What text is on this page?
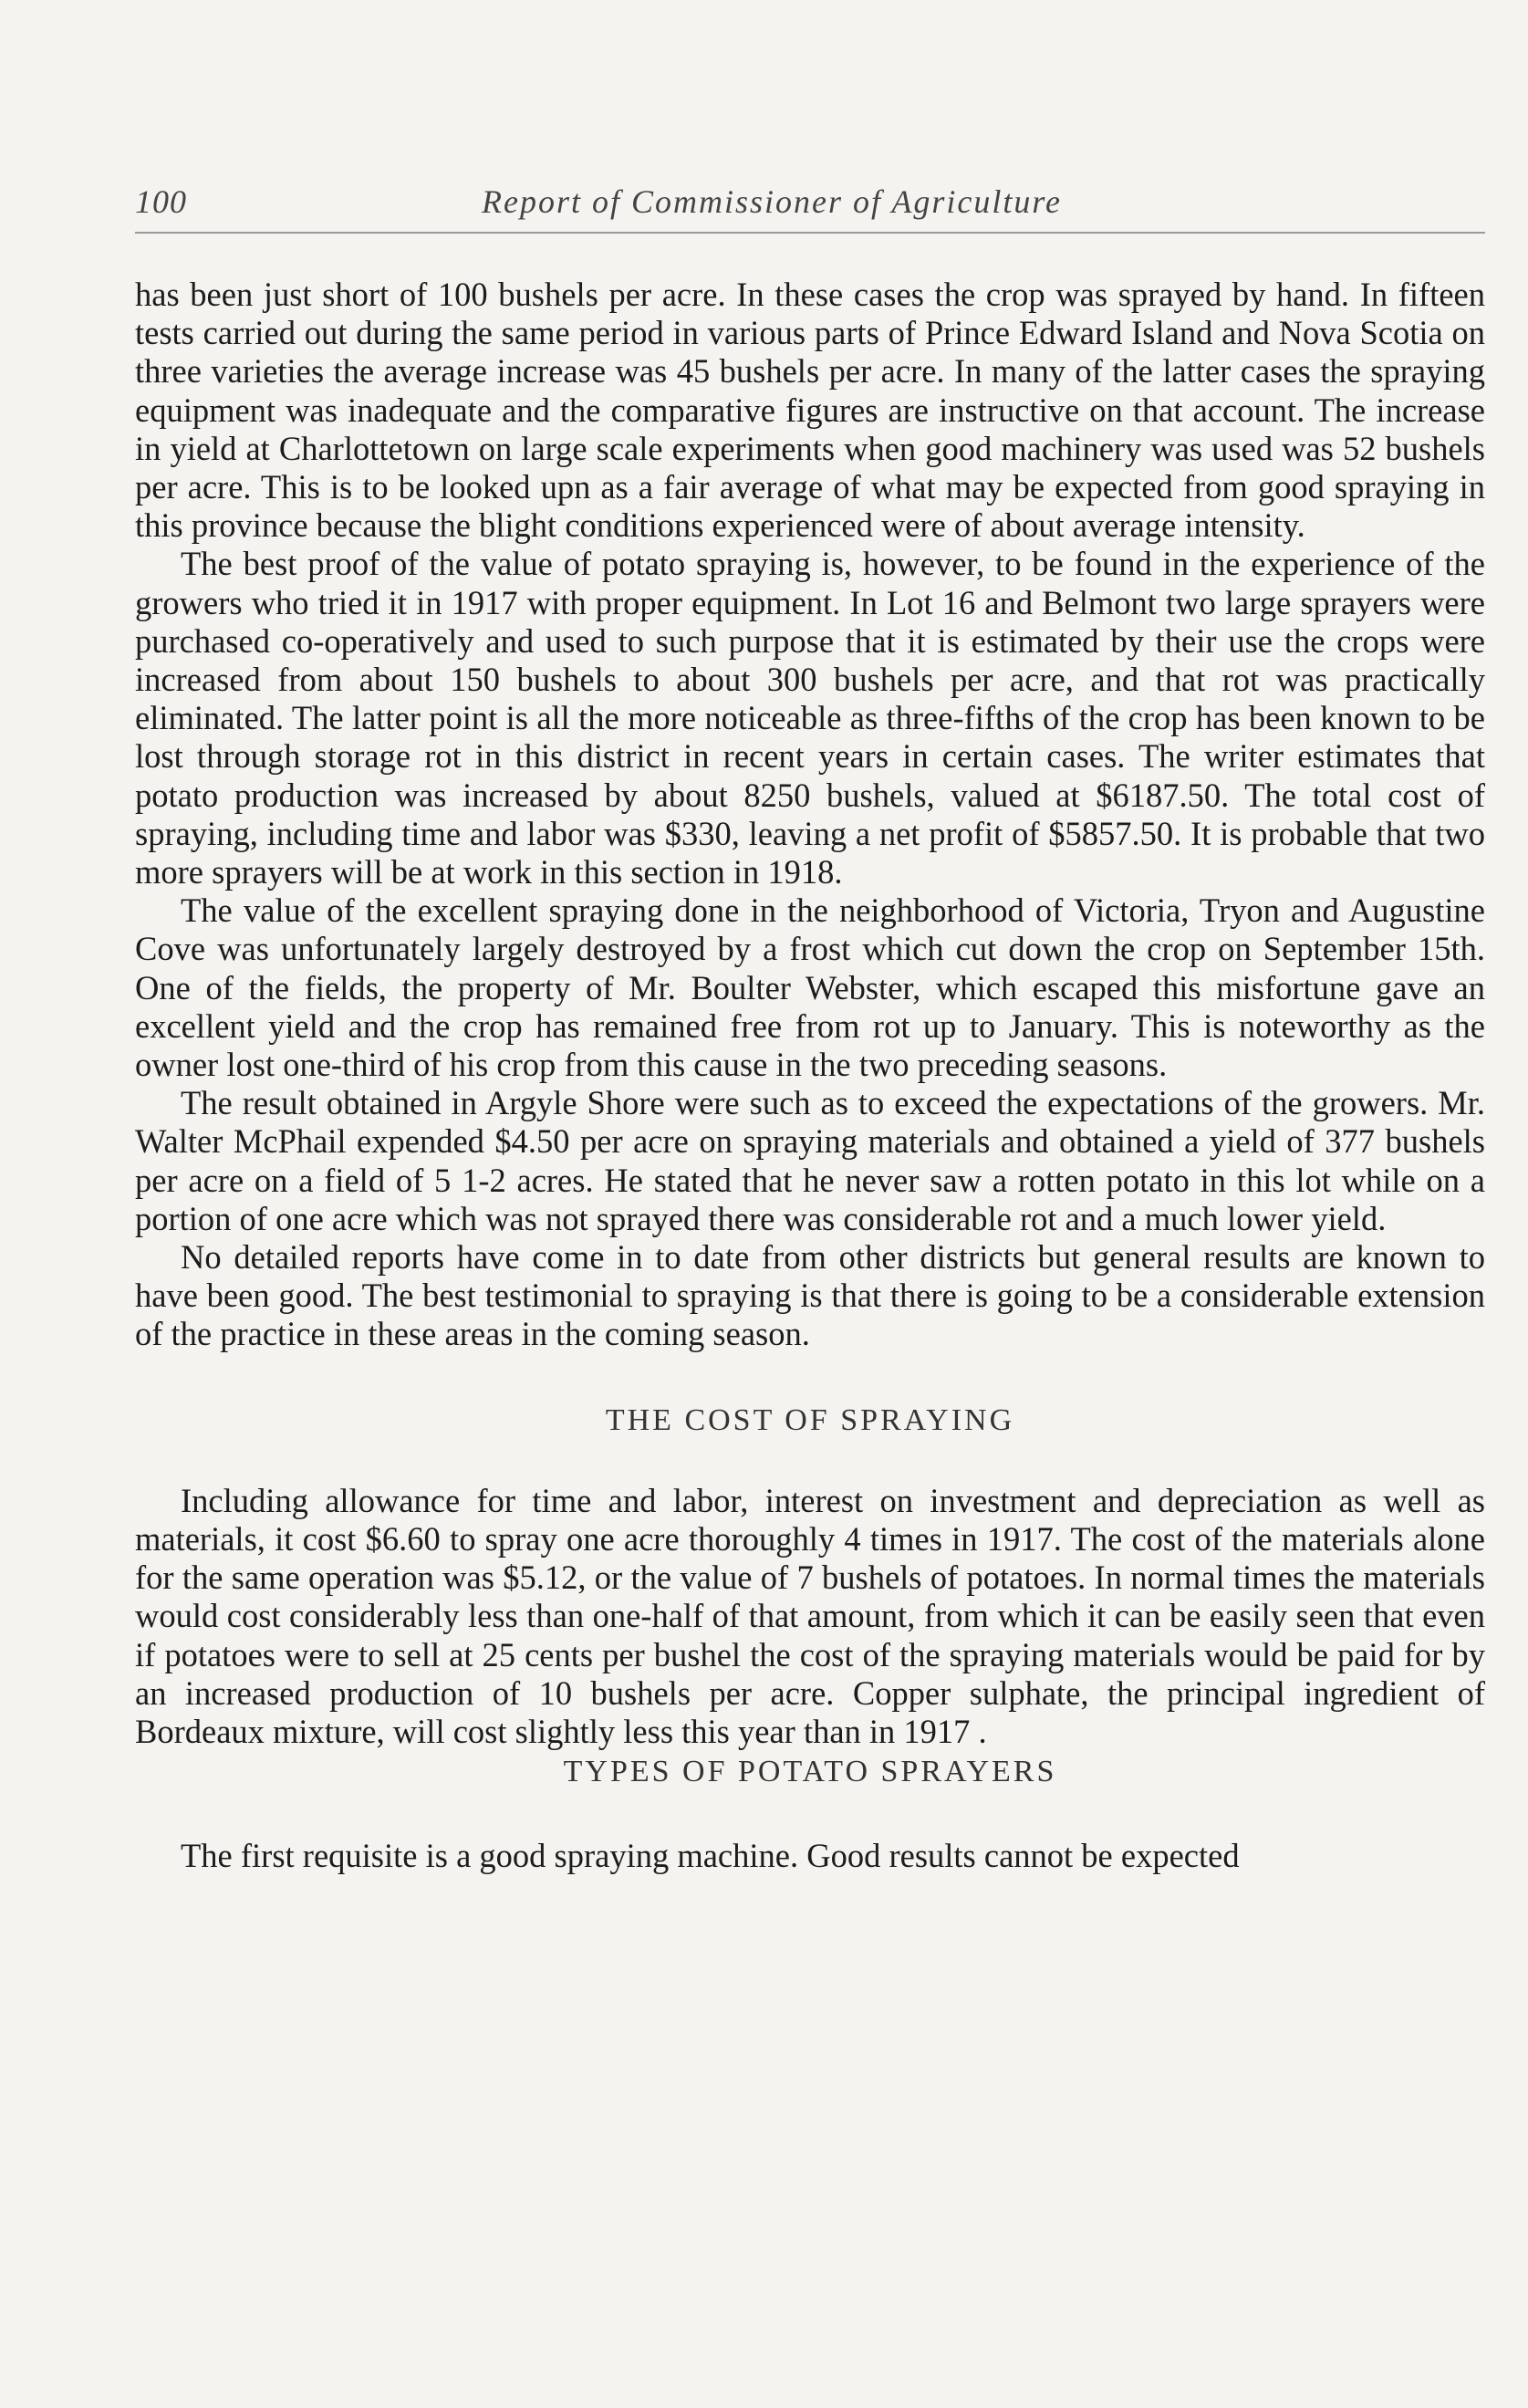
100	Report of Commissioner of Agriculture

has been just short of 100 bushels per acre. In these cases the crop was sprayed by hand. In fifteen tests carried out during the same period in various parts of Prince Edward Island and Nova Scotia on three varieties the average increase was 45 bushels per acre. In many of the latter cases the spraying equipment was inadequate and the comparative figures are instructive on that account. The increase in yield at Charlottetown on large scale experiments when good machinery was used was 52 bushels per acre. This is to be looked upn as a fair average of what may be expected from good spraying in this province because the blight conditions experienced were of about average intensity.

The best proof of the value of potato spraying is, however, to be found in the experience of the growers who tried it in 1917 with proper equipment. In Lot 16 and Belmont two large sprayers were purchased co-operatively and used to such purpose that it is estimated by their use the crops were increased from about 150 bushels to about 300 bushels per acre, and that rot was practically eliminated. The latter point is all the more noticeable as three-fifths of the crop has been known to be lost through storage rot in this district in recent years in certain cases. The writer estimates that potato production was increased by about 8250 bushels, valued at $6187.50. The total cost of spraying, including time and labor was $330, leaving a net profit of $5857.50. It is probable that two more sprayers will be at work in this section in 1918.

The value of the excellent spraying done in the neighborhood of Victoria, Tryon and Augustine Cove was unfortunately largely destroyed by a frost which cut down the crop on September 15th. One of the fields, the property of Mr. Boulter Webster, which escaped this misfortune gave an excellent yield and the crop has remained free from rot up to January. This is noteworthy as the owner lost one-third of his crop from this cause in the two preceding seasons.

The result obtained in Argyle Shore were such as to exceed the expectations of the growers. Mr. Walter McPhail expended $4.50 per acre on spraying materials and obtained a yield of 377 bushels per acre on a field of 5 1-2 acres. He stated that he never saw a rotten potato in this lot while on a portion of one acre which was not sprayed there was considerable rot and a much lower yield.

No detailed reports have come in to date from other districts but general results are known to have been good. The best testimonial to spraying is that there is going to be a considerable extension of the practice in these areas in the coming season.

THE COST OF SPRAYING

Including allowance for time and labor, interest on investment and depreciation as well as materials, it cost $6.60 to spray one acre thoroughly 4 times in 1917. The cost of the materials alone for the same operation was $5.12, or the value of 7 bushels of potatoes. In normal times the materials would cost considerably less than one-half of that amount, from which it can be easily seen that even if potatoes were to sell at 25 cents per bushel the cost of the spraying materials would be paid for by an increased production of 10 bushels per acre. Copper sulphate, the principal ingredient of Bordeaux mixture, will cost slightly less this year than in 1917 .

TYPES OF POTATO SPRAYERS

The first requisite is a good spraying machine. Good results cannot be expected
